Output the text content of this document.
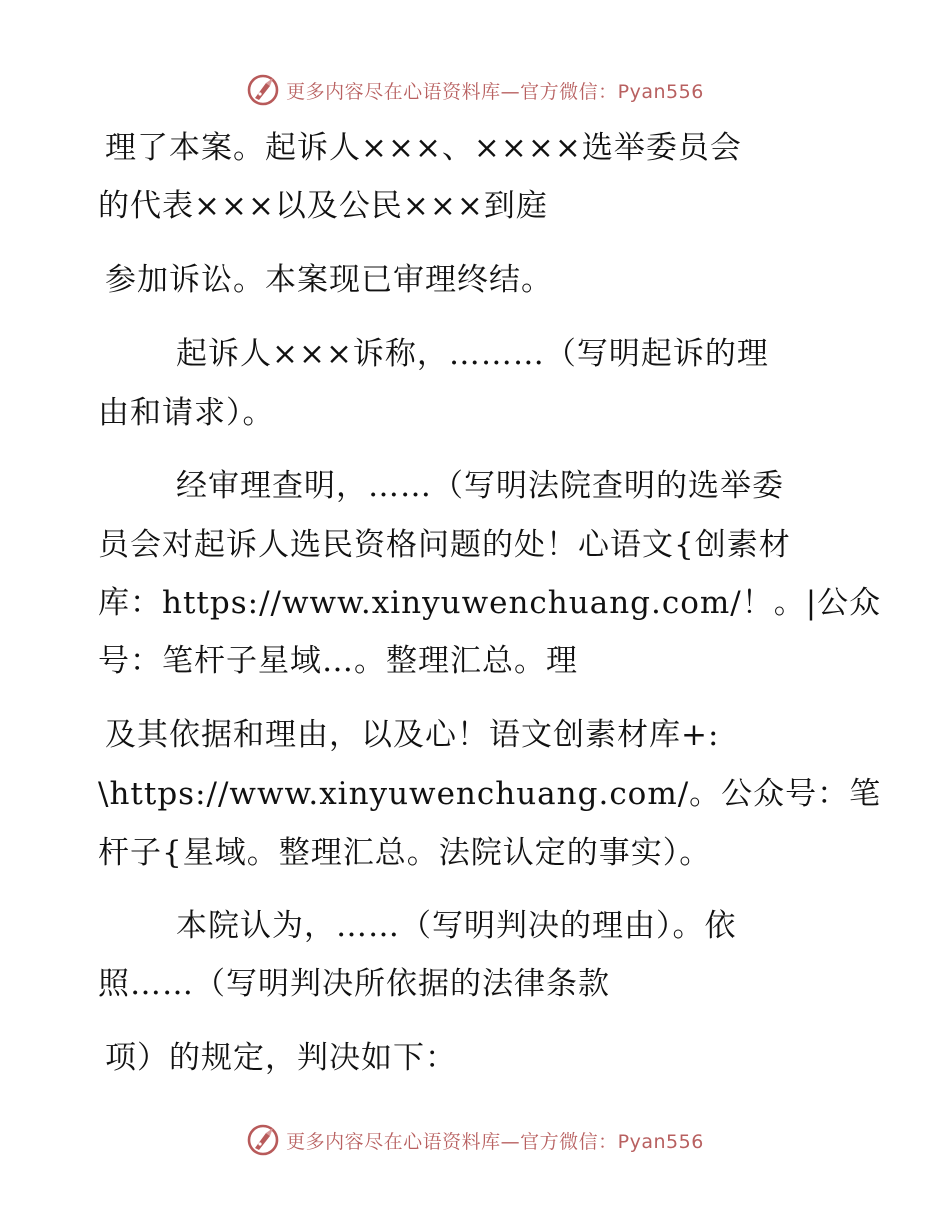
更多内容尽在心语资料库—官方微信：Pyan556
理了本案。起诉人×××、××××选举委员会
的代表×××以及公民×××到庭
参加诉讼。本案现已审理终结。
起诉人×××诉称，………（写明起诉的理
由和请求）。
经审理查明，……（写明法院查明的选举委
员会对起诉人选民资格问题的处！心语文{创素材
库：https://www.xinyuwenchuang.com/！。|公众
号：笔杆子星域…。整理汇总。理
及其依据和理由，以及心！语文创素材库+:
\https://www.xinyuwenchuang.com/。公众号：笔
杆子{星域。整理汇总。法院认定的事实）。
本院认为，……（写明判决的理由）。依
照……（写明判决所依据的法律条款
项）的规定，判决如下：
更多内容尽在心语资料库—官方微信：Pyan556
